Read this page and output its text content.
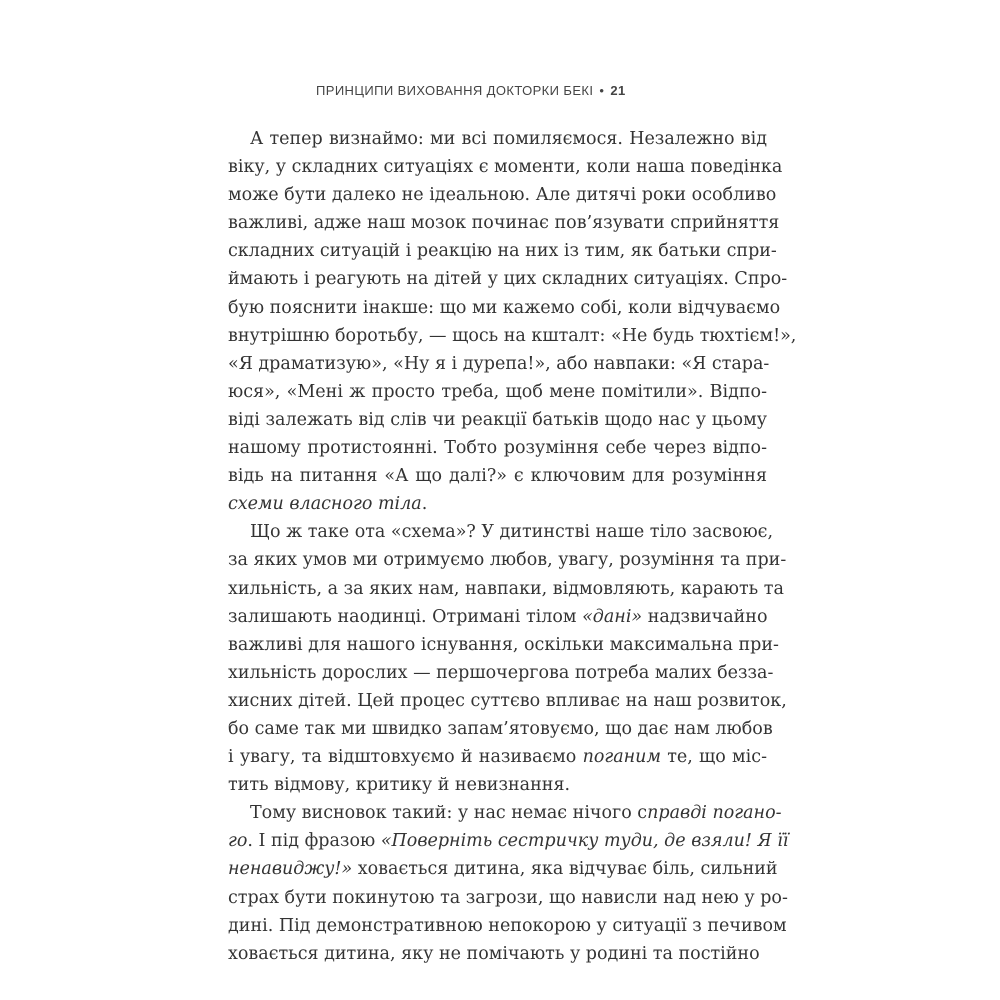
ПРИНЦИПИ ВИХОВАННЯ ДОКТОРКИ БЕКІ • 21
А тепер визнаймо: ми всі помиляємося. Незалежно від
віку, у складних ситуаціях є моменти, коли наша поведінка
може бути далеко не ідеальною. Але дитячі роки особливо
важливі, адже наш мозок починає пов’язувати сприйняття
складних ситуацій і реакцію на них із тим, як батьки спри-
ймають і реагують на дітей у цих складних ситуаціях. Спро-
бую пояснити інакше: що ми кажемо собі, коли відчуваємо
внутрішню боротьбу, — щось на кшталт: «Не будь тюхтієм!»,
«Я драматизую», «Ну я і дурепа!», або навпаки: «Я стара-
юся», «Мені ж просто треба, щоб мене помітили». Відпо-
віді залежать від слів чи реакції батьків щодо нас у цьому
нашому протистоянні. Тобто розуміння себе через відпо-
відь на питання «А що далі?» є ключовим для розуміння
схеми власного тіла.
Що ж таке ота «схема»? У дитинстві наше тіло засвоює,
за яких умов ми отримуємо любов, увагу, розуміння та при-
хильність, а за яких нам, навпаки, відмовляють, карають та
залишають наодинці. Отримані тілом «дані» надзвичайно
важливі для нашого існування, оскільки максимальна при-
хильність дорослих — першочергова потреба малих безза-
хисних дітей. Цей процес суттєво впливає на наш розвиток,
бо саме так ми швидко запам’ятовуємо, що дає нам любов
і увагу, та відштовхуємо й називаємо поганим те, що міс-
тить відмову, критику й невизнання.
Тому висновок такий: у нас немає нічого справді погано-
го. І під фразою «Поверніть сестричку туди, де взяли! Я її
ненавиджу!» ховається дитина, яка відчуває біль, сильний
страх бути покинутою та загрози, що нависли над нею у ро-
дині. Під демонстративною непокорою у ситуації з печивом
ховається дитина, яку не помічають у родині та постійно
